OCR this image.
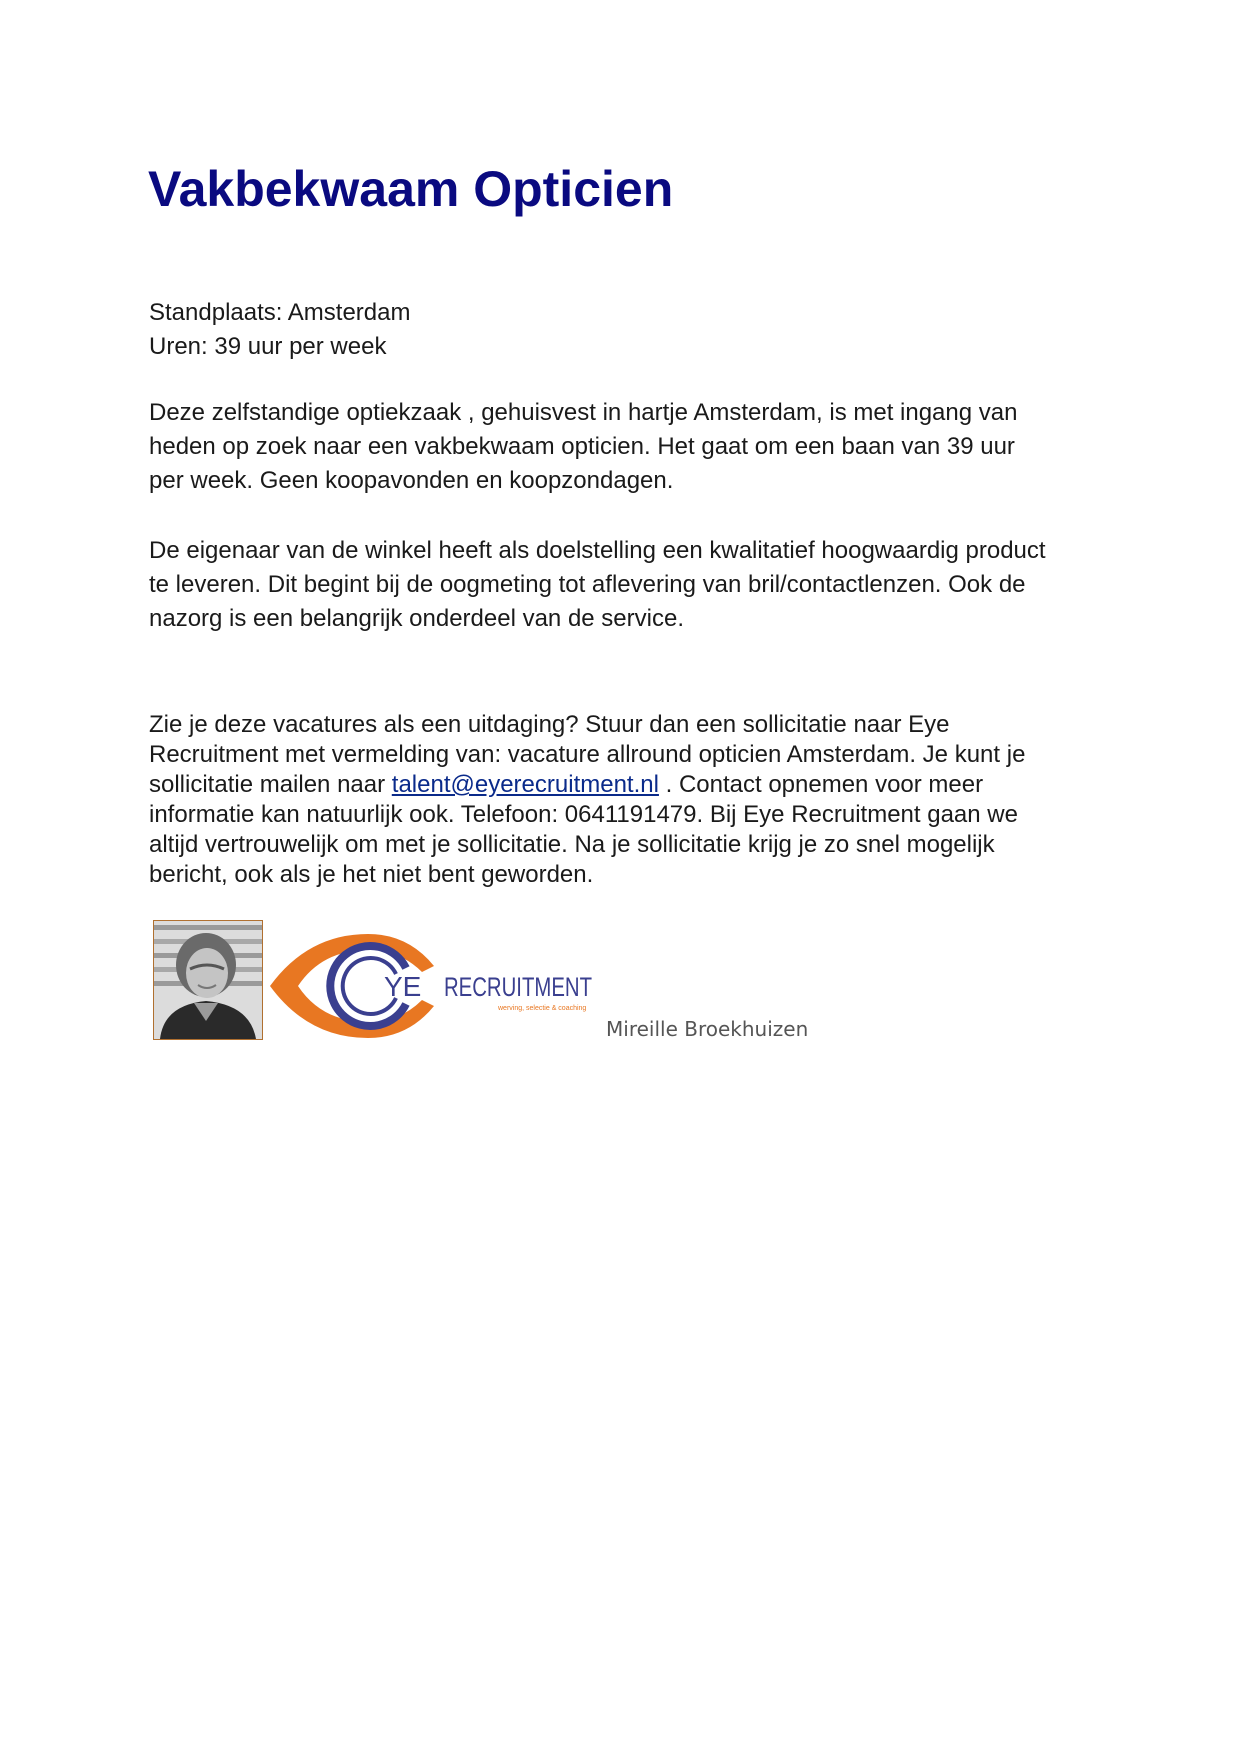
Vakbekwaam Opticien
Standplaats: Amsterdam
Uren: 39 uur per week

Deze zelfstandige optiekzaak , gehuisvest in hartje Amsterdam, is met ingang van
heden op zoek naar een vakbekwaam opticien. Het gaat om een baan van 39 uur
per week. Geen koopavonden en koopzondagen.

De eigenaar van de winkel heeft als doelstelling een kwalitatief hoogwaardig product
te leveren. Dit begint bij de oogmeting tot aflevering van bril/contactlenzen. Ook de
nazorg is een belangrijk onderdeel van de service.

Zie je deze vacatures als een uitdaging? Stuur dan een sollicitatie naar Eye
Recruitment met vermelding van: vacature allround opticien Amsterdam. Je kunt je
sollicitatie mailen naar talent@eyerecruitment.nl . Contact opnemen voor meer
informatie kan natuurlijk ook. Telefoon: 0641191479. Bij Eye Recruitment gaan we
altijd vertrouwelijk om met je sollicitatie. Na je sollicitatie krijg je zo snel mogelijk
bericht, ook als je het niet bent geworden.

YE RECRUITMENT
werving, selectie & coaching
Mireille Broekhuizen
